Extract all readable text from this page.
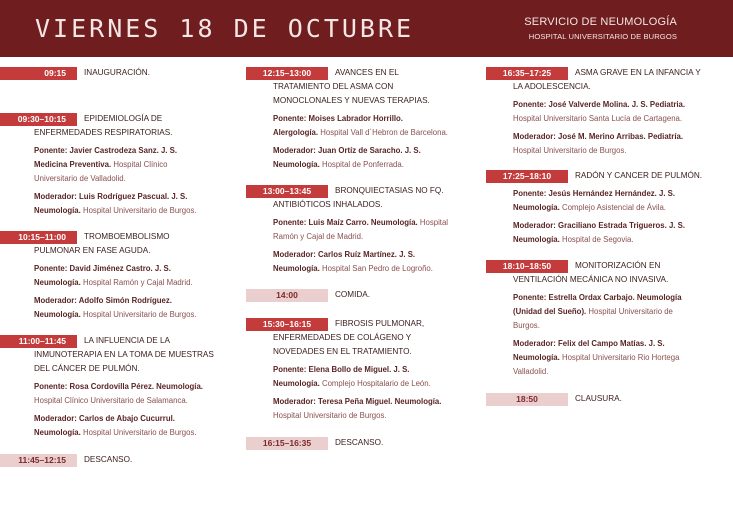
VIERNES 18 DE OCTUBRE	SERVICIO DE NEUMOLOGÍA
HOSPITAL UNIVERSITARIO DE BURGOS
09:15	INAUGURACIÓN.
09:30–10:15	EPIDEMIOLOGÍA DE
ENFERMEDADES RESPIRATORIAS.
Ponente: Javier Castrodeza Sanz. J. S.
Medicina Preventiva. Hospital Clínico
Universitario de Valladolid.
Moderador: Luis Rodríguez Pascual. J. S.
Neumología. Hospital Universitario de Burgos.
10:15–11:00	TROMBOEMBOLISMO
PULMONAR EN FASE AGUDA.
Ponente: David Jiménez Castro. J. S.
Neumología. Hospital Ramón y Cajal Madrid.
Moderador: Adolfo Simón Rodríguez.
Neumología. Hospital Universitario de Burgos.
11:00–11:45	LA INFLUENCIA DE LA
INMUNOTERAPIA EN LA TOMA DE MUESTRAS
DEL CÁNCER DE PULMÓN.
Ponente: Rosa Cordovilla Pérez. Neumología.
Hospital Clínico Universitario de Salamanca.
Moderador: Carlos de Abajo Cucurrul.
Neumología. Hospital Universitario de Burgos.
11:45–12:15	DESCANSO.
12:15–13:00	AVANCES EN EL
TRATAMIENTO DEL ASMA CON
MONOCLONALES Y NUEVAS TERAPIAS.
Ponente: Moises Labrador Horrillo.
Alergología. Hospital Vall d´Hebron de Barcelona.
Moderador: Juan Ortíz de Saracho. J. S.
Neumología. Hospital de Ponferrada.
13:00–13:45	BRONQUIECTASIAS NO FQ.
ANTIBIÓTICOS INHALADOS.
Ponente: Luis Maíz Carro. Neumología. Hospital
Ramón y Cajal de Madrid.
Moderador: Carlos Ruíz Martínez. J. S.
Neumología. Hospital San Pedro de Logroño.
14:00	COMIDA.
15:30–16:15	FIBROSIS PULMONAR,
ENFERMEDADES DE COLÁGENO Y
NOVEDADES EN EL TRATAMIENTO.
Ponente: Elena Bollo de Miguel. J. S.
Neumología. Complejo Hospitalario de León.
Moderador: Teresa Peña Miguel. Neumología.
Hospital Universitario de Burgos.
16:15–16:35	DESCANSO.
16:35–17:25	ASMA GRAVE EN LA INFANCIA Y
LA ADOLESCENCIA.
Ponente: José Valverde Molina. J. S. Pediatria.
Hospital Universitario Santa Lucía de Cartagena.
Moderador: José M. Merino Arribas. Pediatría.
Hospital Universitario de Burgos.
17:25–18:10	RADÓN Y CANCER DE PULMÓN.
Ponente: Jesús Hernández Hernández. J. S.
Neumología. Complejo Asistencial de Ávila.
Moderador: Graciliano Estrada Trigueros. J. S.
Neumología. Hospital de Segovia.
18:10–18:50	MONITORIZACIÓN EN
VENTILACIÓN MECÁNICA NO INVASIVA.
Ponente: Estrella Ordax Carbajo. Neumología
(Unidad del Sueño). Hospital Universitario de
Burgos.
Moderador: Felix del Campo Matías. J. S.
Neumología. Hospital Universitario Rio Hortega
Valladolid.
18:50	CLAUSURA.
